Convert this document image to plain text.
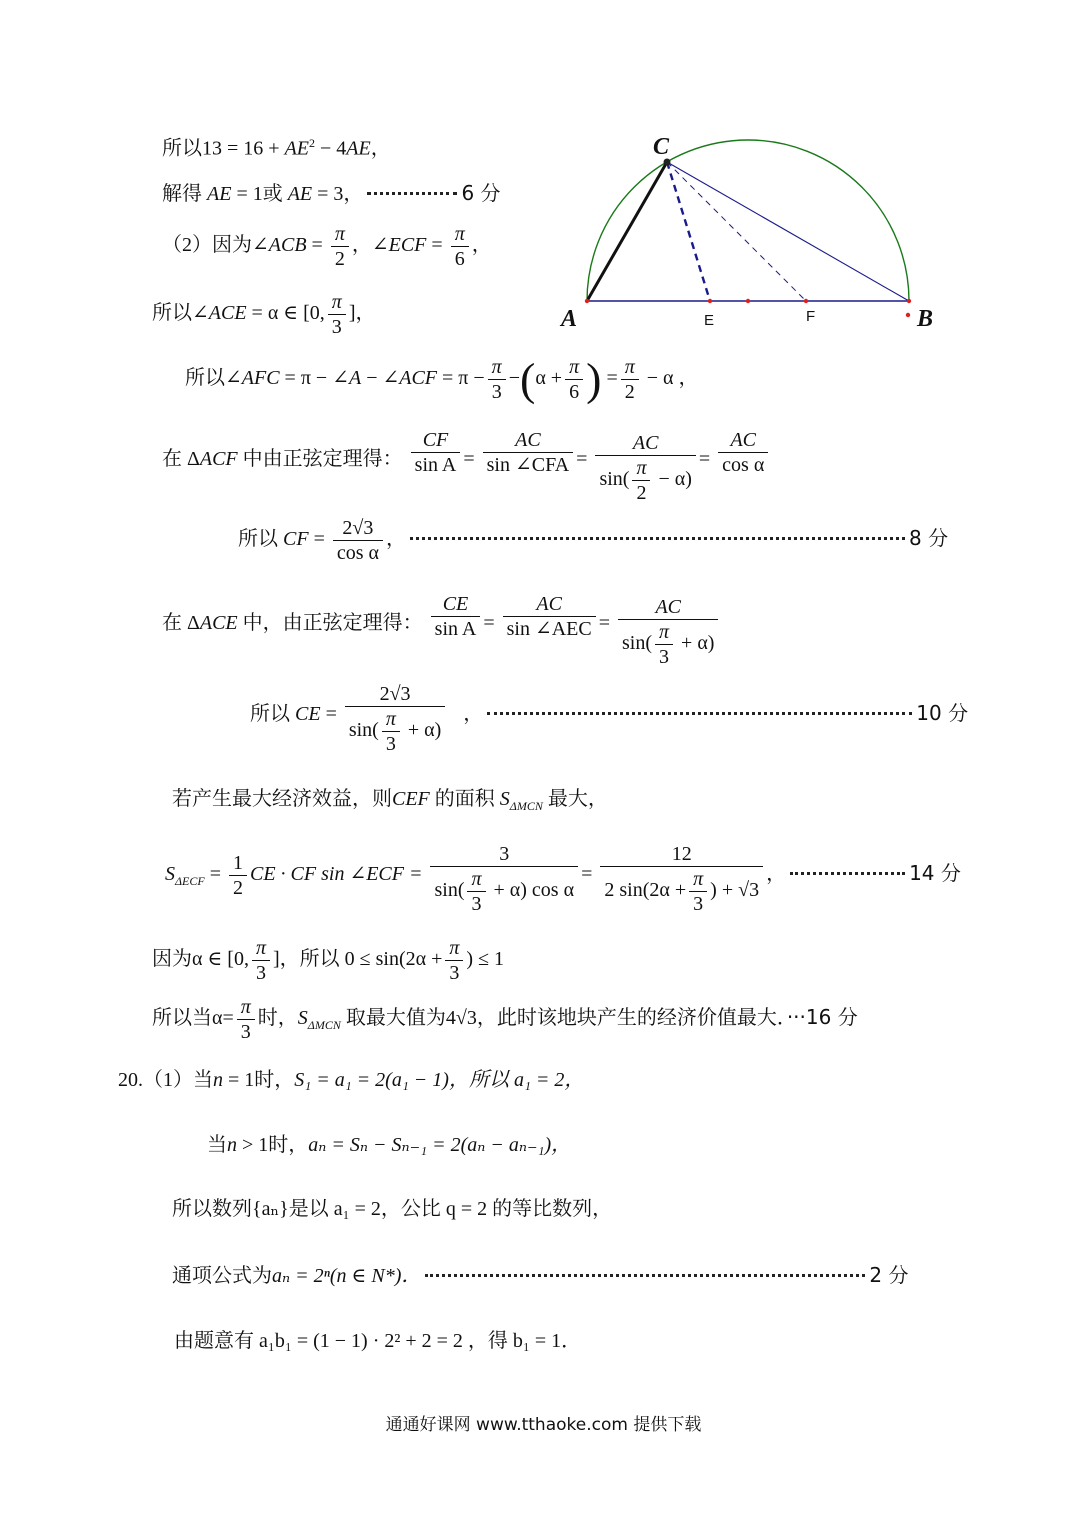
所以$13 = 16 + AE^2 - 4AE$，
解得 AE = 1或 AE = 3，	6 分
（2）因为∠ACB = $\frac{\pi}{2}$ ，∠ECF = $\frac{\pi}{6}$ ，
所以∠ACE = α ∈ [0, $\frac{\pi}{3}$ ]，
所以∠AFC = π − ∠A − ∠ACF = $\pi - \frac{\pi}{3} -(\alpha + \frac{\pi}{6}$ ) = $\frac{\pi}{2} - \alpha$ ，
在 ΔACF 中由正弦定理得： $\frac{CF}{\text{sin A}} = \frac{AC}{\text{sin ∠CFA}} = \frac{AC}{\sin( \frac{\pi}{2} - \alpha)} = \frac{AC}{\text{cos α}}$
所以 CF = $\frac{2√3}{\text{cos α}}$ ，	8 分
在 ΔACE 中，由正弦定理得： $\frac{CE}{\text{sin A}} = \frac{AC}{\text{sin ∠AEC}} = \frac{AC}{\sin( \frac{\pi}{3} + \alpha)}$
所以 CE = $\frac{2√3}{\sin( \frac{\pi}{3} + \alpha)}$ ，	10 分
若产生最大经济效益，则CEF 的面积 $S_{\Delta MCN}$ 最大，
$S_{\Delta ECF} = \frac{1}{2}$ CE · CF sin ∠ECF = $\frac{3}{\sin( \frac{\pi}{3} + \alpha) \cos \alpha} = \frac{12}{2 \sin(2\alpha + \frac{\pi}{3} ) + √3}$ ，	14 分
因为α ∈ [0, $\frac{\pi}{3}$ ]，所以 $0 \le \sin(2\alpha + \frac{\pi}{3}$ ) ≤ 1
所以当$\alpha= \frac{\pi}{3}$ 时，$S_{\Delta MCN}$ 取最大值为4√3，此时该地块产生的经济价值最大．···16 分
20.（1）当n = 1时，S₁ = a₁ = 2(a₁ − 1)，所以 a₁ = 2，
当n > 1时，aₙ = Sₙ − Sₙ₋₁ = 2(aₙ − aₙ₋₁)，
所以数列{aₙ}是以 a₁ = 2，公比 q = 2 的等比数列，
通项公式为aₙ = 2ⁿ(n ∈ N*)．	2 分
由题意有 a₁b₁ = (1 − 1) · 2² + 2 = 2 ，得 b₁ = 1．
C
A	B
E	F
通通好课网 www.tthaoke.com 提供下载
